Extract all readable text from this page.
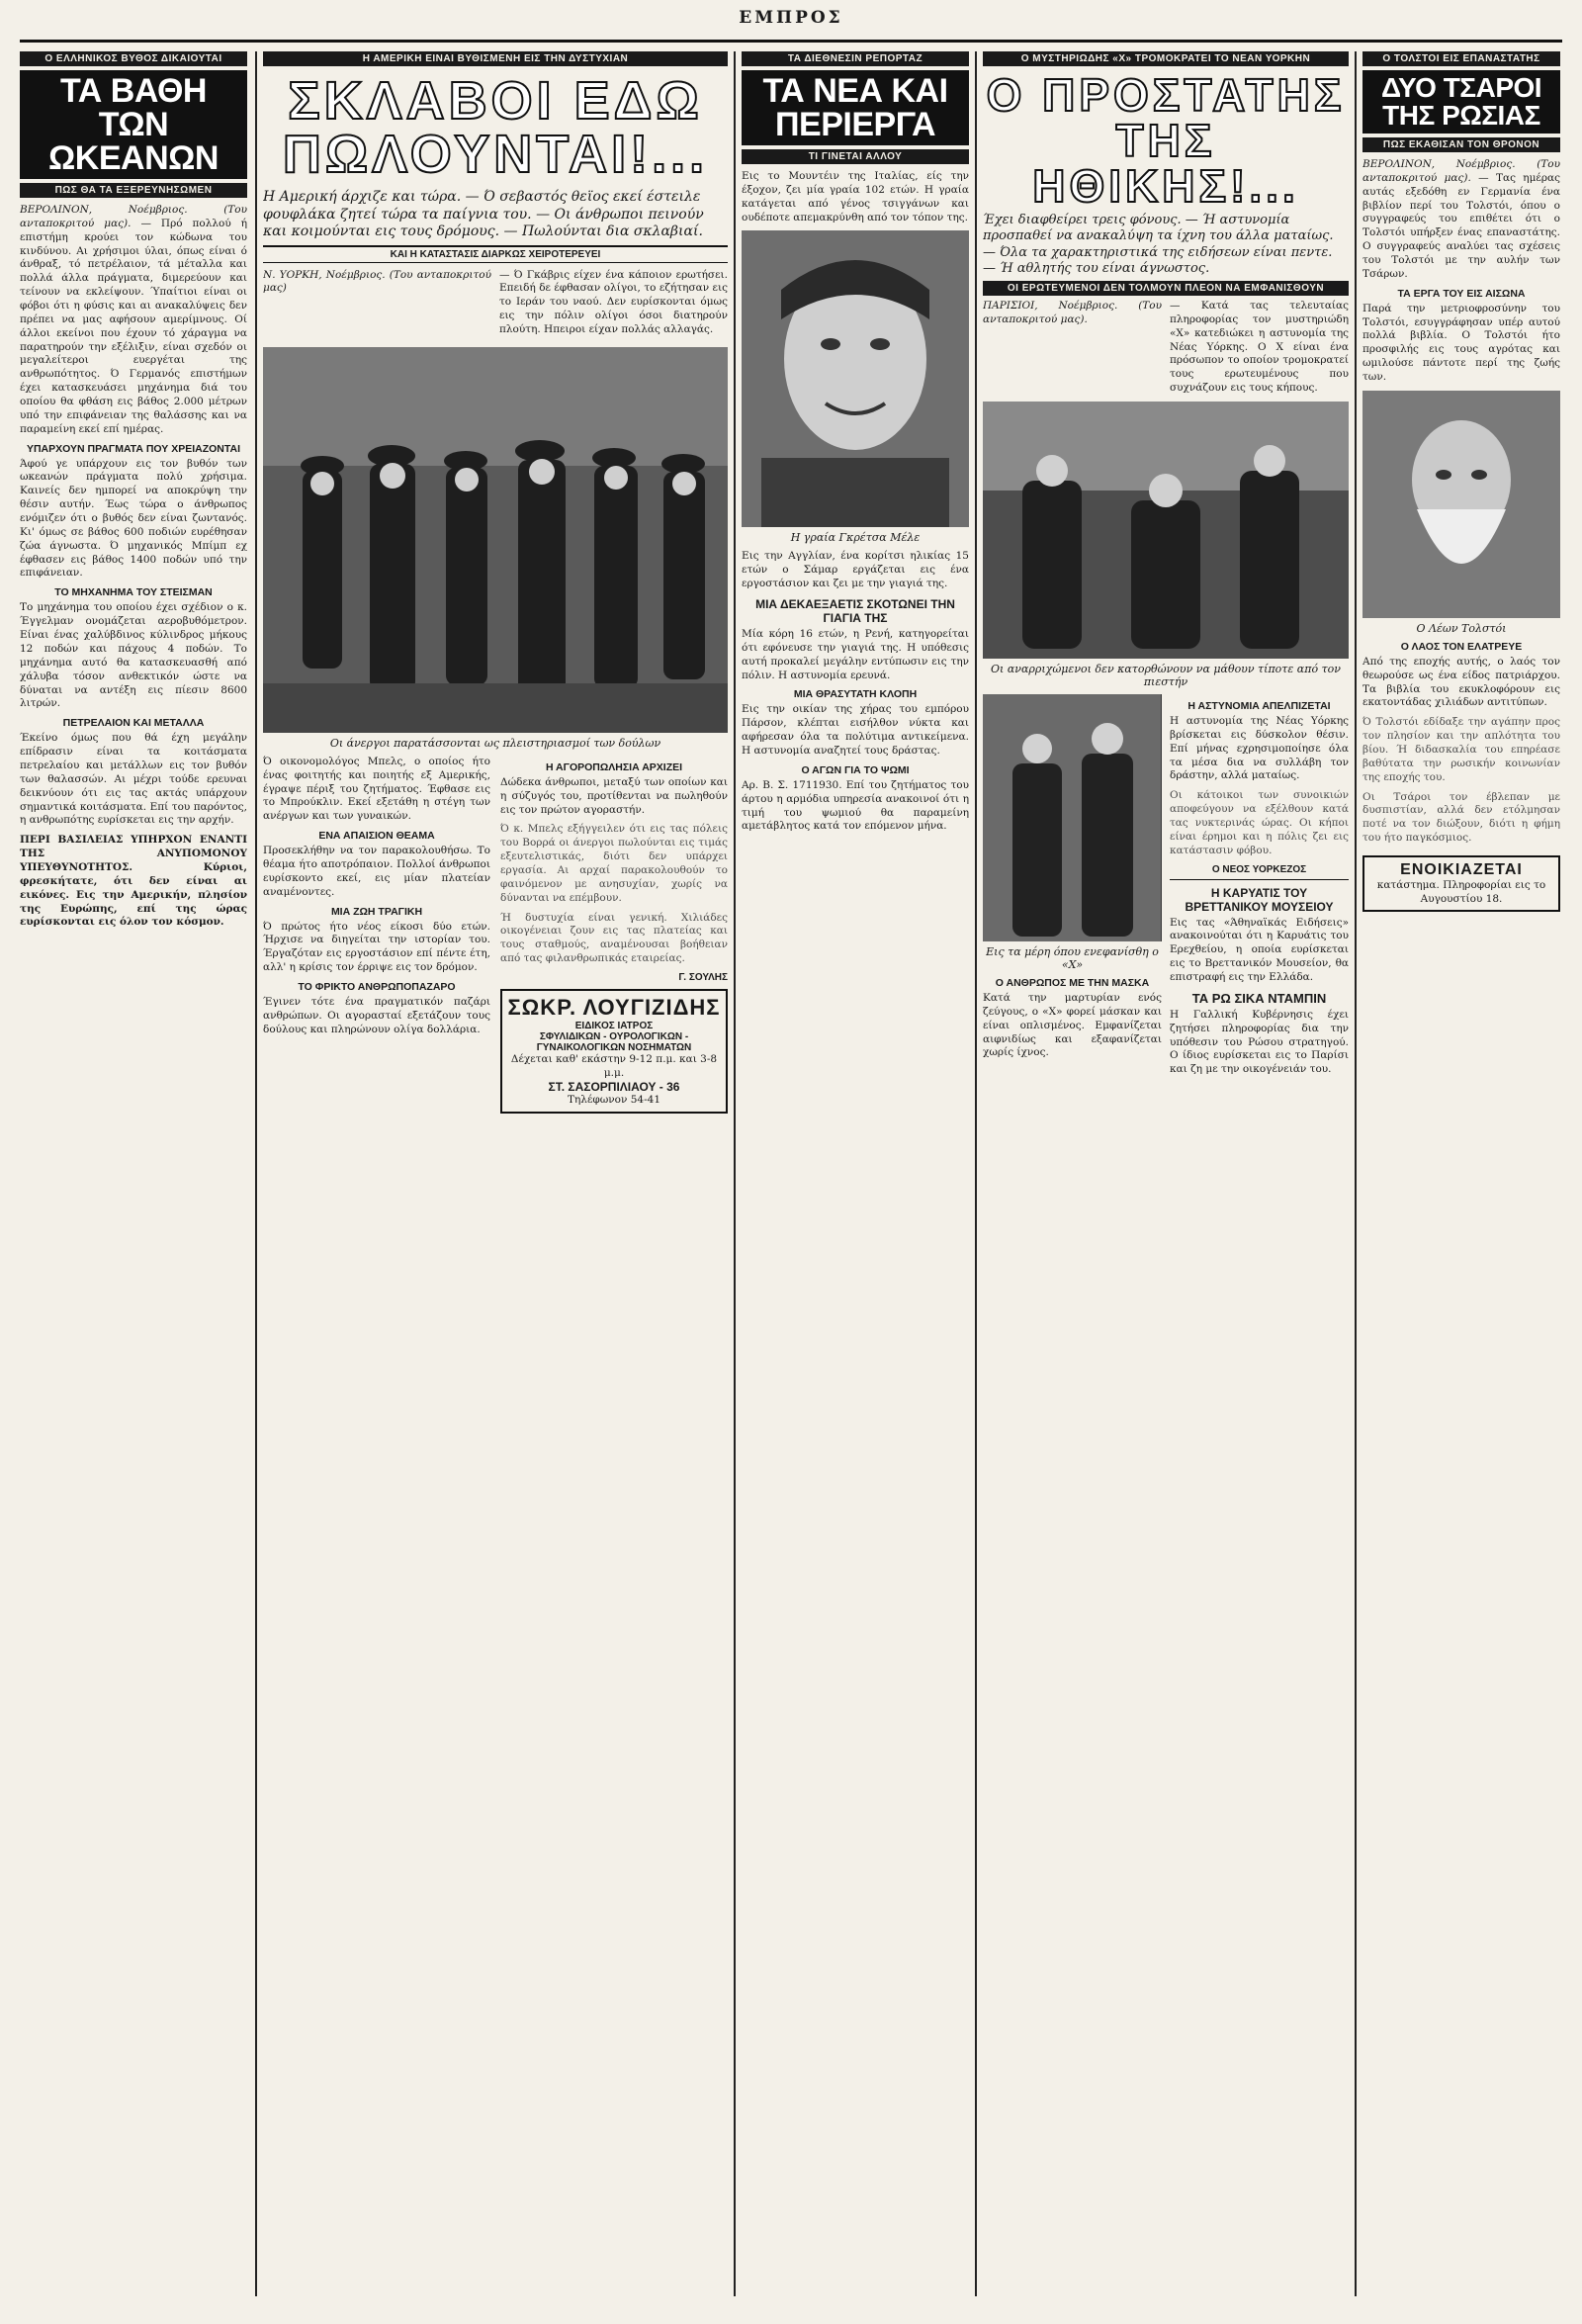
ΕΜΠΡΟΣ
Ο ΕΛΛΗΝΙΚΟΣ ΒΥΘΟΣ ΔΙΚΑΙΟΥΤΑΙ
ΤΑ ΒΑΘΗ ΤΩΝ ΩΚΕΑΝΩΝ
ΠΩΣ ΘΑ ΤΑ ΕΞΕΡΕΥΝΗΣΩΜΕΝ

ΒΕΡΟΛΙΝΟΝ, Νοέμβριος. (Του ανταποκριτού μας). — Πρό πολλού ή επιστήμη κρούει τον κώδωνα του κινδύνου. Αι χρήσιμοι ύλαι, όπως είναι ό άνθραξ, τό πετρέλαιον, τά μέταλλα και πολλά άλλα πράγματα, διμερεύουν και τείνουν να εκλείψουν. Ύπαίτιοι είναι οι φόβοι ότι η φύσις και αι ανακαλύψεις δεν πρέπει να μας αφήσουν αμερίμνους. Οί άλλοι εκείνοι που έχουν τό χάραγμα να παρατηρούν την εξέλιξιν, είναι σχεδόν οι μεγαλείτεροι ευεργέται της ανθρωπότητος. Ό Γερμανός επιστήμων έχει κατασκευάσει μηχάνημα διά του οποίου θα φθάση εις βάθος 2.000 μέτρων υπό την επιφάνειαν της θαλάσσης και να παραμείνη εκεί επί ημέρας.

ΥΠΑΡΧΟΥΝ ΠΡΑΓΜΑΤΑ ΠΟΥ ΧΡΕΙΑΖΟΝΤΑΙ

Άφού γε υπάρχουν εις τον βυθόν των ωκεανών πράγματα πολύ χρήσιμα. Καινείς δεν ημπορεί να αποκρύψη την θέσιν αυτήν. Έως τώρα ο άνθρωπος ενόμιζεν ότι ο βυθός δεν είναι ζωντανός. Κι' όμως σε βάθος 600 ποδιών ευρέθησαν ζώα άγνωστα. Ό μηχανικός Μπίμπ εχ έφθασεν εις βάθος 1400 ποδών υπό την επιφάνειαν.

ΤΟ ΜΗΧΑΝΗΜΑ ΤΟΥ ΣΤΕΙΣΜΑΝ

Το μηχάνημα του οποίου έχει σχέδιον ο κ. Έγγελμαν ονομάζεται αεροβυθόμετρον. Είναι ένας χαλύβδινος κύλινδρος μήκους 12 ποδών και πάχους 4 ποδών. Το μηχάνημα αυτό θα κατασκευασθή από χάλυβα τόσον ανθεκτικόν ώστε να δύναται να αντέξη εις πίεσιν 8600 λιτρών.

ΠΕΤΡΕΛΑΙΟΝ ΚΑΙ ΜΕΤΑΛΛΑ

Έκείνο όμως που θά έχη μεγάλην επίδρασιν είναι τα κοιτάσματα πετρελαίου και μετάλλων εις τον βυθόν των θαλασσών. Αι μέχρι τούδε ερευναι δεικνύουν ότι εις τας ακτάς υπάρχουν σημαντικά κοιτάσματα. Επί του παρόντος, η ανθρωπότης ευρίσκεται εις την αρχήν.

ΠΕΡΙ ΒΑΣΙΛΕΙΑΣ ΥΠΗΡΧΟΝ ΕΝΑΝΤΙ ΤΗΣ ΑΝΥΠΟΜΟΝΟΥ ΥΠΕΥΘΥΝΟΤΗΤΟΣ. Κύριοι, φρεσκήτατε, ότι δεν είναι αι εικόνες. Εις την Αμερικήν, πλησίον της Ευρώπης, επί της ώρας ευρίσκονται εις όλον τον κόσμον.

Η ΑΜΕΡΙΚΗ ΕΙΝΑΙ ΒΥΘΙΣΜΕΝΗ ΕΙΣ ΤΗΝ ΔΥΣΤΥΧΙΑΝ
ΣΚΛΑΒΟΙ ΕΔΩ ΠΩΛΟΥΝΤΑΙ!...

Η Αμερική άρχιζε και τώρα. — Ό σεβαστός θεϊος εκεί έστειλε φουφλάκα ζητεί τώρα τα παίγνια του. — Οι άνθρωποι πεινούν και κοιμούνται εις τους δρόμους. — Πωλούνται δια σκλαβιαί.

ΚΑΙ Η ΚΑΤΑΣΤΑΣΙΣ ΔΙΑΡΚΩΣ ΧΕΙΡΟΤΕΡΕΥΕΙ

Ν. ΥΟΡΚΗ, Νοέμβριος. (Του ανταποκριτού μας)

— Ό Γκάβρις είχεν ένα κάποιον ερωτήσει. Επειδή δε έφθασαν ολίγοι, το εζήτησαν εις το Ιεράν του ναού. Δεν ευρίσκονται όμως εις την πόλιν ολίγοι όσοι διατηρούν πλούτη. Ηπειροι είχαν πολλάς αλλαγάς.

Οι άνεργοι παρατάσσονται ως πλειστηριασμοί των δούλων

Ό οικονομολόγος Μπελς, ο οποίος ήτο ένας φοιτητής και ποιητής εξ Αμερικής, έγραψε πέριξ του ζητήματος. Έφθασε εις το Μπρούκλιν. Εκεί εξετάθη η στέγη των ανέργων και των γυναικών.

ΕΝΑ ΑΠΑΙΣΙΟΝ ΘΕΑΜΑ

Προσεκλήθην να τον παρακολουθήσω. Το θέαμα ήτο αποτρόπαιον. Πολλοί άνθρωποι ευρίσκοντο εκεί, εις μίαν πλατείαν αναμένοντες.

ΜΙΑ ΖΩΗ ΤΡΑΓΙΚΗ

Ό πρώτος ήτο νέος είκοσι δύο ετών. Ήρχισε να διηγείται την ιστορίαν του. Έργαζόταν εις εργοστάσιον επί πέντε έτη, αλλ' η κρίσις τον έρριψε εις τον δρόμον.

ΤΟ ΦΡΙΚΤΟ ΑΝΘΡΩΠΟΠΑΖΑΡΟ

Έγινεν τότε ένα πραγματικόν παζάρι ανθρώπων. Οι αγορασταί εξετάζουν τους δούλους και πληρώνουν ολίγα δολλάρια.

Η ΑΓΟΡΟΠΩΛΗΣΙΑ ΑΡΧΙΖΕΙ

Δώδεκα άνθρωποι, μεταξύ των οποίων και η σύζυγός του, προτίθενται να πωληθούν εις τον πρώτον αγοραστήν.

Ό κ. Μπελς εξήγγειλεν ότι εις τας πόλεις του Βορρά οι άνεργοι πωλούνται εις τιμάς εξευτελιστικάς, διότι δεν υπάρχει εργασία. Αι αρχαί παρακολουθούν το φαινόμενον με ανησυχίαν, χωρίς να δύνανται να επέμβουν.

Ή δυστυχία είναι γενική. Χιλιάδες οικογένειαι ζουν εις τας πλατείας και τους σταθμούς, αναμένουσαι βοήθειαν από τας φιλανθρωπικάς εταιρείας.

Γ. ΣΟΥΛΗΣ
ΣΩΚΡ. ΛΟΥΓΙΖΙΔΗΣ
ΕΙΔΙΚΟΣ ΙΑΤΡΟΣ
ΣΦΥΛΙΔΙΚΩΝ - ΟΥΡΟΛΟΓΙΚΩΝ - ΓΥΝΑΙΚΟΛΟΓΙΚΩΝ ΝΟΣΗΜΑΤΩΝ
Δέχεται καθ' εκάστην 9-12 π.μ. και 3-8 μ.μ.
ΣΤ. ΣΑΣΟΡΠΙΛΙΑΟΥ - 36
Τηλέφωνον 54-41
ΤΑ ΔΙΕΘΝΕΣΙΝ ΡΕΠΟΡΤΑΖ
ΤΑ ΝΕΑ ΚΑΙ ΠΕΡΙΕΡΓΑ
ΤΙ ΓΙΝΕΤΑΙ ΑΛΛΟΥ

Εις το Μουντέιν της Ιταλίας, είς την έξοχον, ζει μία γραία 102 ετών. Η γραία κατάγεται από γένος τσιγγάνων και ουδέποτε απεμακρύνθη από τον τόπον της.

Η γραία Γκρέτσα Μέλε

Εις την Αγγλίαν, ένα κορίτσι ηλικίας 15 ετών ο Σάμαρ εργάζεται εις ένα εργοστάσιον και ζει με την γιαγιά της.

ΜΙΑ ΔΕΚΑΕΞΑΕΤΙΣ ΣΚΟΤΩΝΕΙ ΤΗΝ ΓΙΑΓΙΑ ΤΗΣ

Μία κόρη 16 ετών, η Ρενή, κατηγορείται ότι εφόνευσε την γιαγιά της. Η υπόθεσις αυτή προκαλεί μεγάλην εντύπωσιν εις την πόλιν. Η αστυνομία ερευνά.

ΜΙΑ ΘΡΑΣΥΤΑΤΗ ΚΛΟΠΗ

Εις την οικίαν της χήρας του εμπόρου Πάρσον, κλέπται εισήλθον νύκτα και αφήρεσαν όλα τα πολύτιμα αντικείμενα. Η αστυνομία αναζητεί τους δράστας.

Ο ΑΓΩΝ ΓΙΑ ΤΟ ΨΩΜΙ

Αρ. Β. Σ. 1711930. Επί του ζητήματος του άρτου η αρμόδια υπηρεσία ανακοινοί ότι η τιμή του ψωμιού θα παραμείνη αμετάβλητος κατά τον επόμενον μήνα.

Ο ΜΥΣΤΗΡΙΩΔΗΣ «Χ» ΤΡΟΜΟΚΡΑΤΕΙ ΤΟ ΝΕΑΝ ΥΟΡΚΗΝ
Ο ΠΡΟΣΤΑΤΗΣ ΤΗΣ ΗΘΙΚΗΣ!...

Έχει διαφθείρει τρεις φόνους. — Ή αστυνομία προσπαθεί να ανακαλύψη τα ίχνη του άλλα ματαίως. — Όλα τα χαρακτηριστικά της ειδήσεων είναι πεντε. — Ή αθλητής του είναι άγνωστος.

ΟΙ ΕΡΩΤΕΥΜΕΝΟΙ ΔΕΝ ΤΟΛΜΟΥΝ ΠΛΕΟΝ ΝΑ ΕΜΦΑΝΙΣΘΟΥΝ

ΠΑΡΙΣΙΟΙ, Νοέμβριος. (Του ανταποκριτού μας).

— Κατά τας τελευταίας πληροφορίας τον μυστηριώδη «Χ» κατεδιώκει η αστυνομία της Νέας Υόρκης. Ο Χ είναι ένα πρόσωπον το οποίον τρομοκρατεί τους ερωτευμένους που συχνάζουν εις τους κήπους.

Οι αναρριχώμενοι δεν κατορθώνουν να μάθουν τίποτε από τον πιεστήν
Εις τα μέρη όπου ενεφανίσθη ο «Χ»
Ο ΑΝΘΡΩΠΟΣ ΜΕ ΤΗΝ ΜΑΣΚΑ

Κατά την μαρτυρίαν ενός ζεύγους, ο «Χ» φορεί μάσκαν και είναι οπλισμένος. Εμφανίζεται αιφνιδίως και εξαφανίζεται χωρίς ίχνος.

Η ΑΣΤΥΝΟΜΙΑ ΑΠΕΛΠΙΖΕΤΑΙ

Η αστυνομία της Νέας Υόρκης βρίσκεται εις δύσκολον θέσιν. Επί μήνας εχρησιμοποίησε όλα τα μέσα δια να συλλάβη τον δράστην, αλλά ματαίως.

Οι κάτοικοι των συνοικιών αποφεύγουν να εξέλθουν κατά τας νυκτερινάς ώρας. Οι κήποι είναι έρημοι και η πόλις ζει εις κατάστασιν φόβου.

Ο ΝΕΟΣ ΥΟΡΚΕΖΟΣ
Η ΚΑΡΥΑΤΙΣ ΤΟΥ ΒΡΕΤΤΑΝΙΚΟΥ ΜΟΥΣΕΙΟΥ

Εις τας «Άθηναϊκάς Ειδήσεις» ανακοινούται ότι η Καρυάτις του Ερεχθείου, η οποία ευρίσκεται εις το Βρεττανικόν Μουσείον, θα επιστραφή εις την Ελλάδα.

ΤΑ ΡΩ ΣΙΚΑ ΝΤΑΜΠΙΝ

Η Γαλλική Κυβέρνησις έχει ζητήσει πληροφορίας δια την υπόθεσιν του Ρώσου στρατηγού. Ο ίδιος ευρίσκεται εις το Παρίσι και ζη με την οικογένειάν του.

Ο ΤΟΛΣΤΟΙ ΕΙΣ ΕΠΑΝΑΣΤΑΤΗΣ
ΔΥΟ ΤΣΑΡΟΙ ΤΗΣ ΡΩΣΙΑΣ
ΠΩΣ ΕΚΑΘΙΣΑΝ ΤΟΝ ΘΡΟΝΟΝ

ΒΕΡΟΛΙΝΟΝ, Νοέμβριος. (Του ανταποκριτού μας). — Τας ημέρας αυτάς εξεδόθη εν Γερμανία ένα βιβλίον περί του Τολστόι, όπου ο συγγραφεύς του επιθέτει ότι ο Τολστόι υπήρξεν ένας επαναστάτης. Ο συγγραφεύς αναλύει τας σχέσεις του Τολστόι με την αυλήν των Τσάρων.

ΤΑ ΕΡΓΑ ΤΟΥ ΕΙΣ ΑΙΣΩΝΑ

Παρά την μετριοφροσύνην του Τολστόι, εσυγγράφησαν υπέρ αυτού πολλά βιβλία. Ο Τολστόι ήτο προσφιλής εις τους αγρότας και ωμιλούσε πάντοτε περί της ζωής των.

Ο Λέων Τολστόι
Ο ΛΑΟΣ ΤΟΝ ΕΛΑΤΡΕΥΕ

Από της εποχής αυτής, ο λαός τον θεωρούσε ως ένα είδος πατριάρχου. Τα βιβλία του εκυκλοφόρουν εις εκατοντάδας χιλιάδων αντιτύπων.

Ό Τολστόι εδίδαξε την αγάπην προς τον πλησίον και την απλότητα του βίου. Ή διδασκαλία του επηρέασε βαθύτατα την ρωσικήν κοινωνίαν της εποχής του.

Οι Τσάροι τον έβλεπαν με δυσπιστίαν, αλλά δεν ετόλμησαν ποτέ να τον διώξουν, διότι η φήμη του ήτο παγκόσμιος.

ΕΝΟΙΚΙΑΖΕΤΑΙ
κατάστημα. Πληροφορίαι εις το Αυγουστίου 18.
